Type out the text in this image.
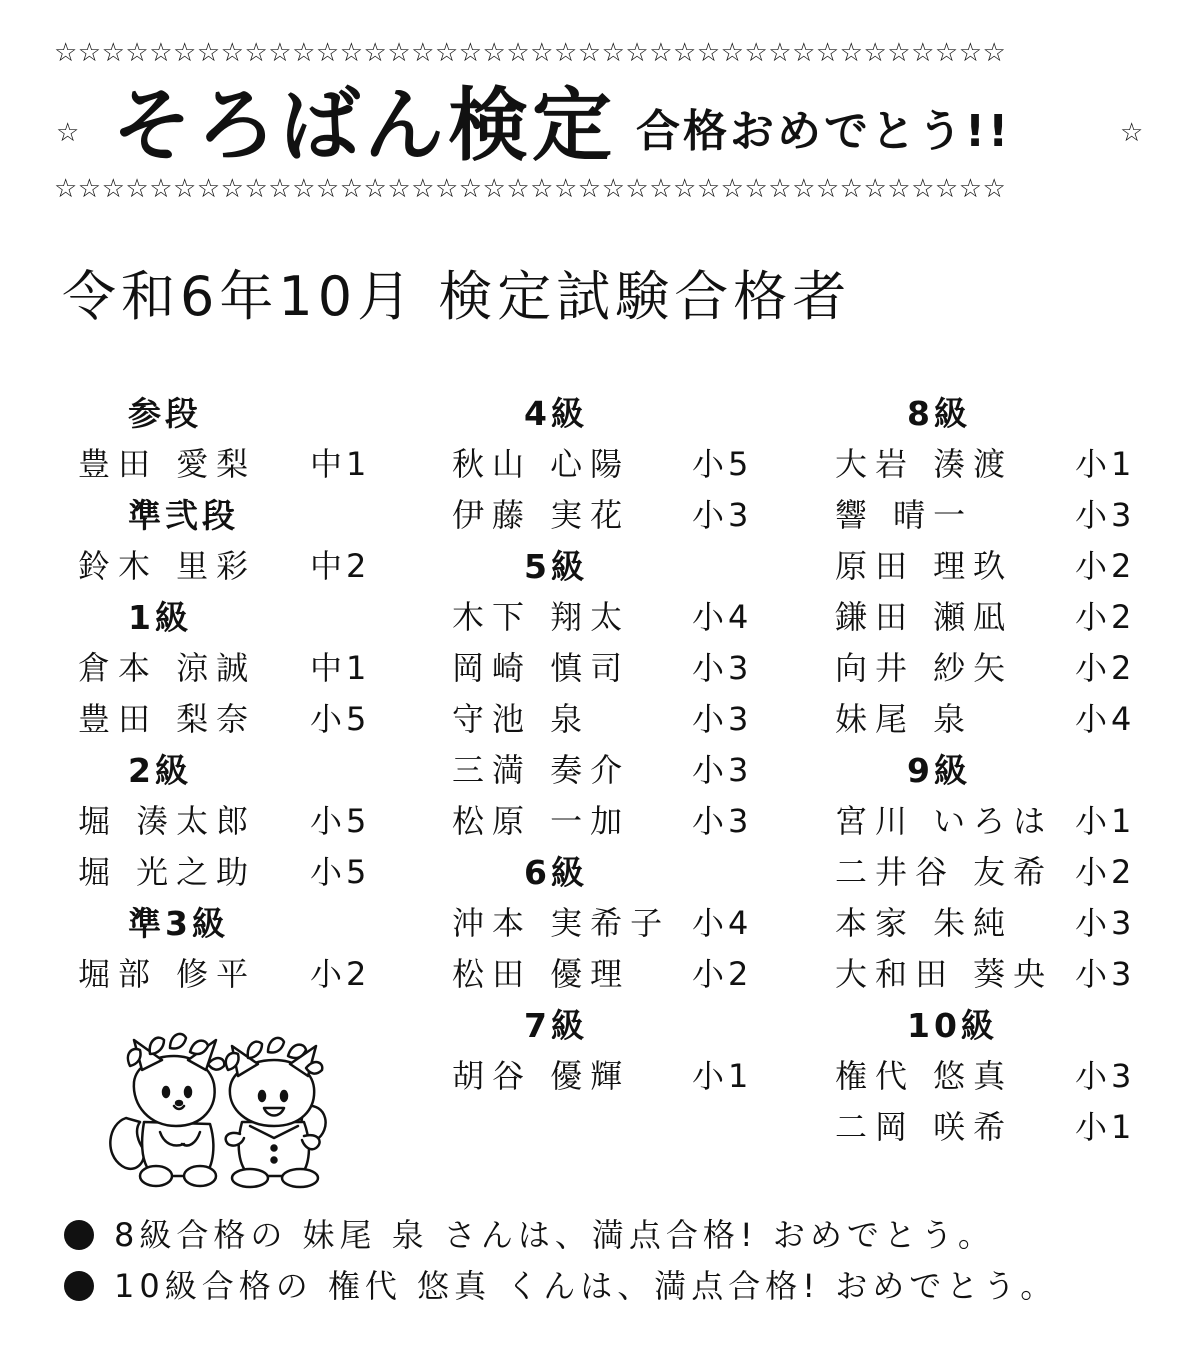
☆☆☆☆☆☆☆☆☆☆☆☆☆☆☆☆☆☆☆☆☆☆☆☆☆☆☆☆☆☆☆☆☆☆☆☆☆☆☆☆
☆ そろばん検定 合格おめでとう!!	☆
☆☆☆☆☆☆☆☆☆☆☆☆☆☆☆☆☆☆☆☆☆☆☆☆☆☆☆☆☆☆☆☆☆☆☆☆☆☆☆☆
令和6年10月 検定試験合格者
参段
豊田 愛梨 中1
準弐段
鈴木 里彩 中2
1級
倉本 涼誠 中1
豊田 梨奈 小5
2級
堀 湊太郎 小5
堀 光之助 小5
準3級
堀部 修平 小2
4級
秋山 心陽 小5
伊藤 実花 小3
5級
木下 翔太 小4
岡崎 慎司 小3
守池 泉	小3
三満 奏介 小3
松原 一加 小3
6級
沖本 実希子 小4
松田 優理 小2
7級
胡谷 優輝 小1
8級
大岩 湊渡 小1
響 晴一	小3
原田 理玖 小2
鎌田 瀬凪 小2
向井 紗矢 小2
妹尾 泉	小4
9級
宮川 いろは 小1
二井谷 友希 小2
本家 朱純 小3
大和田 葵央 小3
10級
権代 悠真 小3
二岡 咲希 小1
8級合格の 妹尾 泉 さんは、満点合格! おめでとう。
10級合格の 権代 悠真 くんは、満点合格! おめでとう。
